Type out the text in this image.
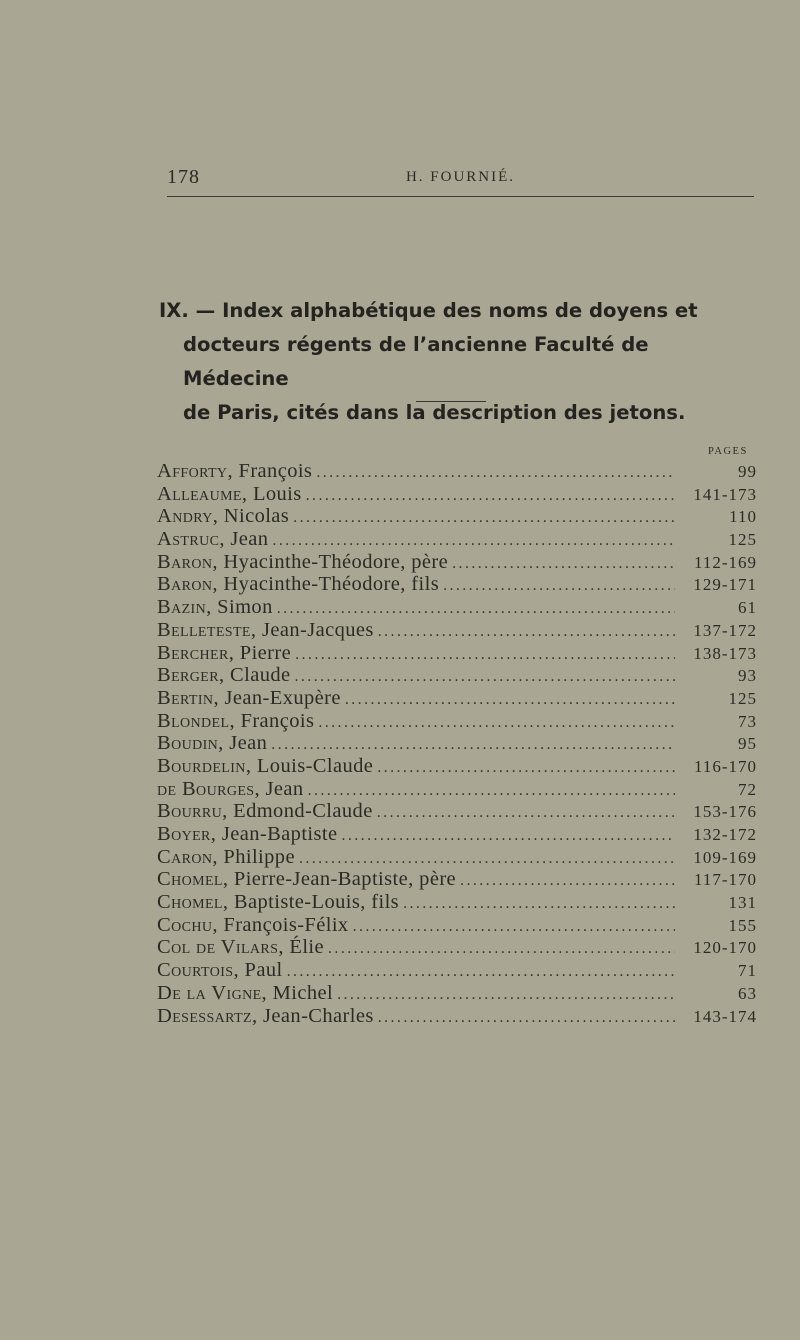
178	H. FOURNIÉ.
IX. — Index alphabétique des noms de doyens et
docteurs régents de l’ancienne Faculté de Médecine
de Paris, cités dans la description des jetons.
PAGES
Afforty, François .....	99
Alleaume, Louis .....	141-173
Andry, Nicolas .....	110
Astruc, Jean .....	125
Baron, Hyacinthe-Théodore, père .....	112-169
Baron, Hyacinthe-Théodore, fils .....	129-171
Bazin, Simon .....	61
Belleteste, Jean-Jacques .....	137-172
Bercher, Pierre .....	138-173
Berger, Claude .....	93
Bertin, Jean-Exupère .....	125
Blondel, François .....	73
Boudin, Jean .....	95
Bourdelin, Louis-Claude .....	116-170
de Bourges, Jean .....	72
Bourru, Edmond-Claude .....	153-176
Boyer, Jean-Baptiste .....	132-172
Caron, Philippe .....	109-169
Chomel, Pierre-Jean-Baptiste, père .....	117-170
Chomel, Baptiste-Louis, fils .....	131
Cochu, François-Félix .....	155
Col de Vilars, Élie .....	120-170
Courtois, Paul .....	71
De la Vigne, Michel .....	63
Desessartz, Jean-Charles .....	143-174
